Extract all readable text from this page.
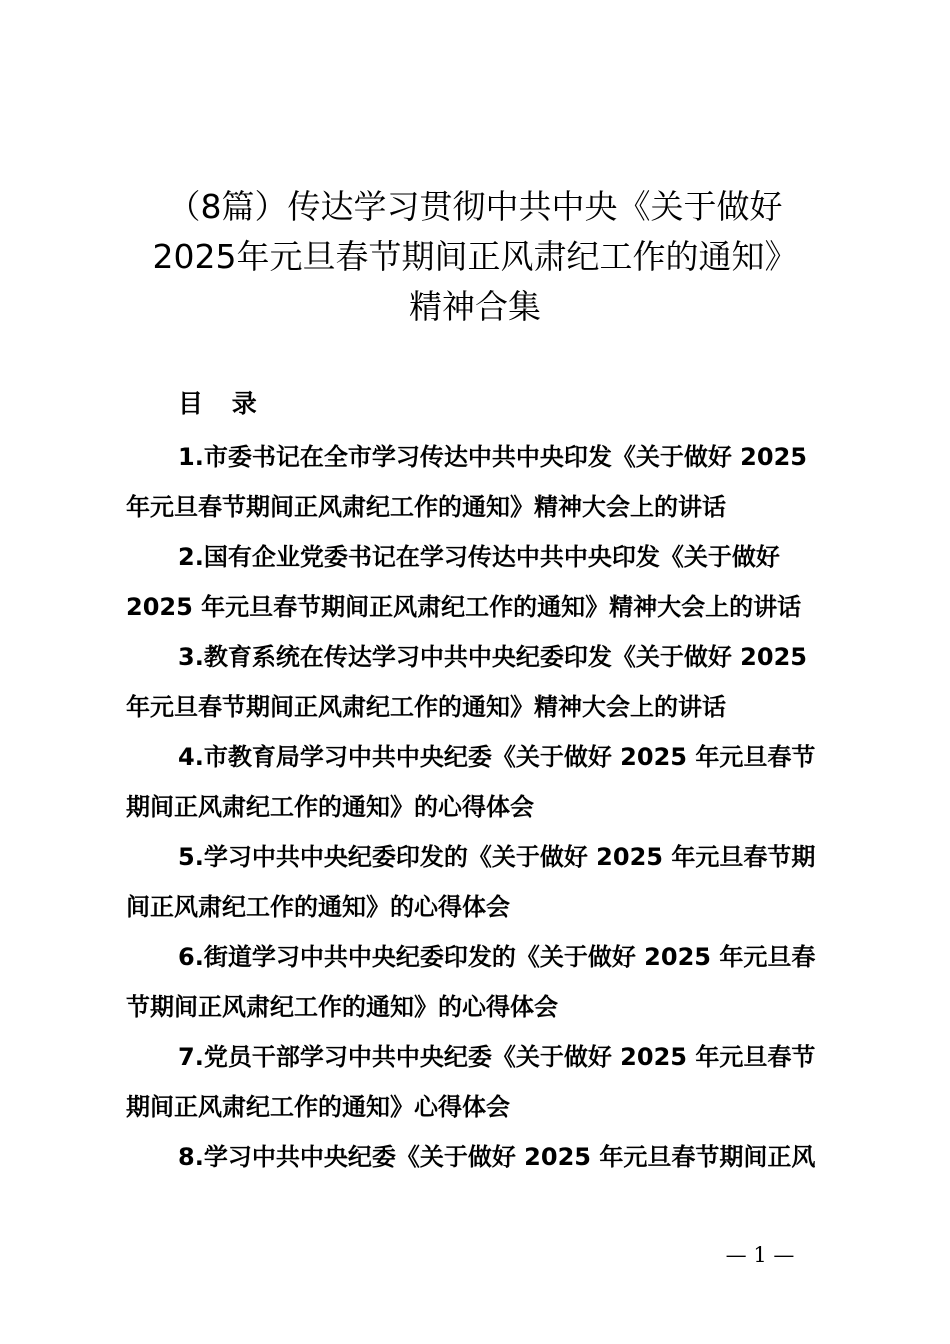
（8篇）传达学习贯彻中共中央《关于做好
2025年元旦春节期间正风肃纪工作的通知》
精神合集
目 录
1.市委书记在全市学习传达中共中央印发《关于做好 2025
年元旦春节期间正风肃纪工作的通知》精神大会上的讲话
2.国有企业党委书记在学习传达中共中央印发《关于做好
2025 年元旦春节期间正风肃纪工作的通知》精神大会上的讲话
3.教育系统在传达学习中共中央纪委印发《关于做好 2025
年元旦春节期间正风肃纪工作的通知》精神大会上的讲话
4.市教育局学习中共中央纪委《关于做好 2025 年元旦春节
期间正风肃纪工作的通知》的心得体会
5.学习中共中央纪委印发的《关于做好 2025 年元旦春节期
间正风肃纪工作的通知》的心得体会
6.街道学习中共中央纪委印发的《关于做好 2025 年元旦春
节期间正风肃纪工作的通知》的心得体会
7.党员干部学习中共中央纪委《关于做好 2025 年元旦春节
期间正风肃纪工作的通知》心得体会
8.学习中共中央纪委《关于做好 2025 年元旦春节期间正风
— 1 —
